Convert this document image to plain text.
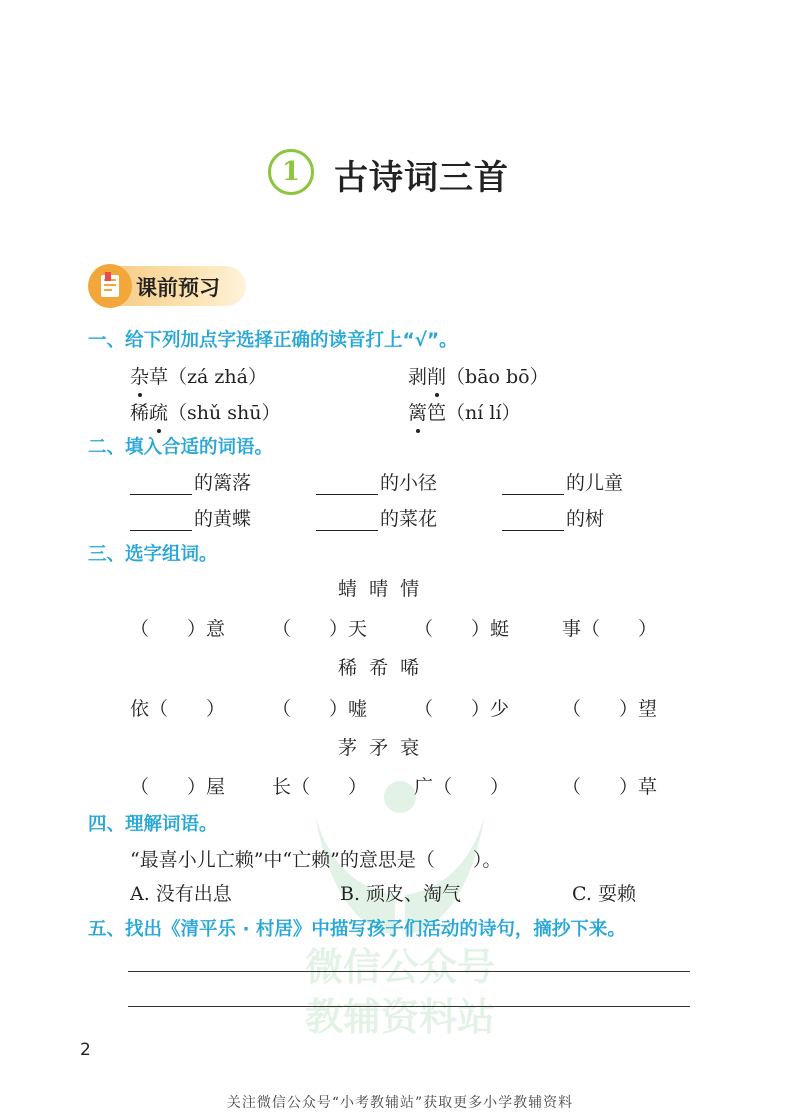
1 古诗词三首
课前预习
一、给下列加点字选择正确的读音打上“√”。
杂草（zá zhá）	剥削（bāo bō）
稀疏（shǔ shū）	篱笆（ní lí）
二、填入合适的词语。
的篱落	的小径	的儿童
的黄蝶	的菜花	的树
三、选字组词。
蜻  晴  情
（　　）意 （　　）天 （　　）蜓	事（　　）
稀  希  唏
依（　　） （　　）嘘 （　　）少	（　　）望
茅  矛  衰
（　　）屋 长（　　） 广（　　）	（　　）草
微信公众号
教辅资料站
四、理解词语。
“最喜小儿亡赖”中“亡赖”的意思是（　　）。
A. 没有出息	B. 顽皮、淘气	C. 耍赖
五、找出《清平乐 · 村居》中描写孩子们活动的诗句，摘抄下来。
2
关注微信公众号“小考教辅站”获取更多小学教辅资料
